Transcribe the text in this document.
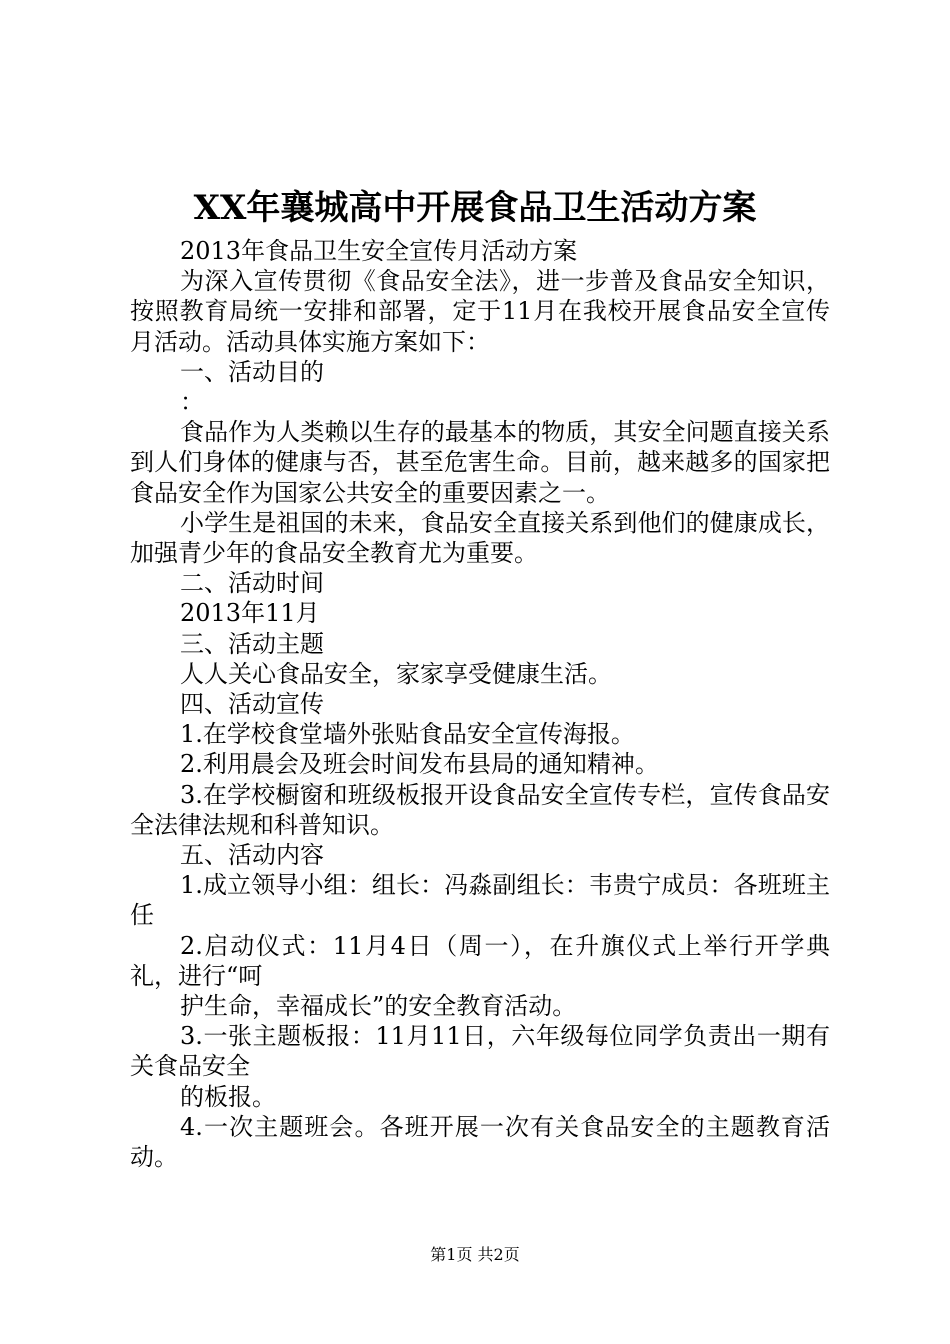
XX年襄城高中开展食品卫生活动方案

2013年食品卫生安全宣传月活动方案

为深入宣传贯彻《食品安全法》，进一步普及食品安全知识，按照教育局统一安排和部署，定于11月在我校开展食品安全宣传月活动。活动具体实施方案如下：

一、活动目的

：

食品作为人类赖以生存的最基本的物质，其安全问题直接关系到人们身体的健康与否，甚至危害生命。目前，越来越多的国家把食品安全作为国家公共安全的重要因素之一。

小学生是祖国的未来，食品安全直接关系到他们的健康成长，加强青少年的食品安全教育尤为重要。

二、活动时间

2013年11月

三、活动主题

人人关心食品安全，家家享受健康生活。

四、活动宣传

1.在学校食堂墙外张贴食品安全宣传海报。

2.利用晨会及班会时间发布县局的通知精神。

3.在学校橱窗和班级板报开设食品安全宣传专栏，宣传食品安全法律法规和科普知识。

五、活动内容

1.成立领导小组：组长：冯淼副组长：韦贵宁成员：各班班主任

2.启动仪式：11月4日（周一），在升旗仪式上举行开学典礼，进行“呵

护生命，幸福成长”的安全教育活动。

3.一张主题板报：11月11日，六年级每位同学负责出一期有关食品安全

的板报。

4.一次主题班会。各班开展一次有关食品安全的主题教育活动。

第1页 共2页
